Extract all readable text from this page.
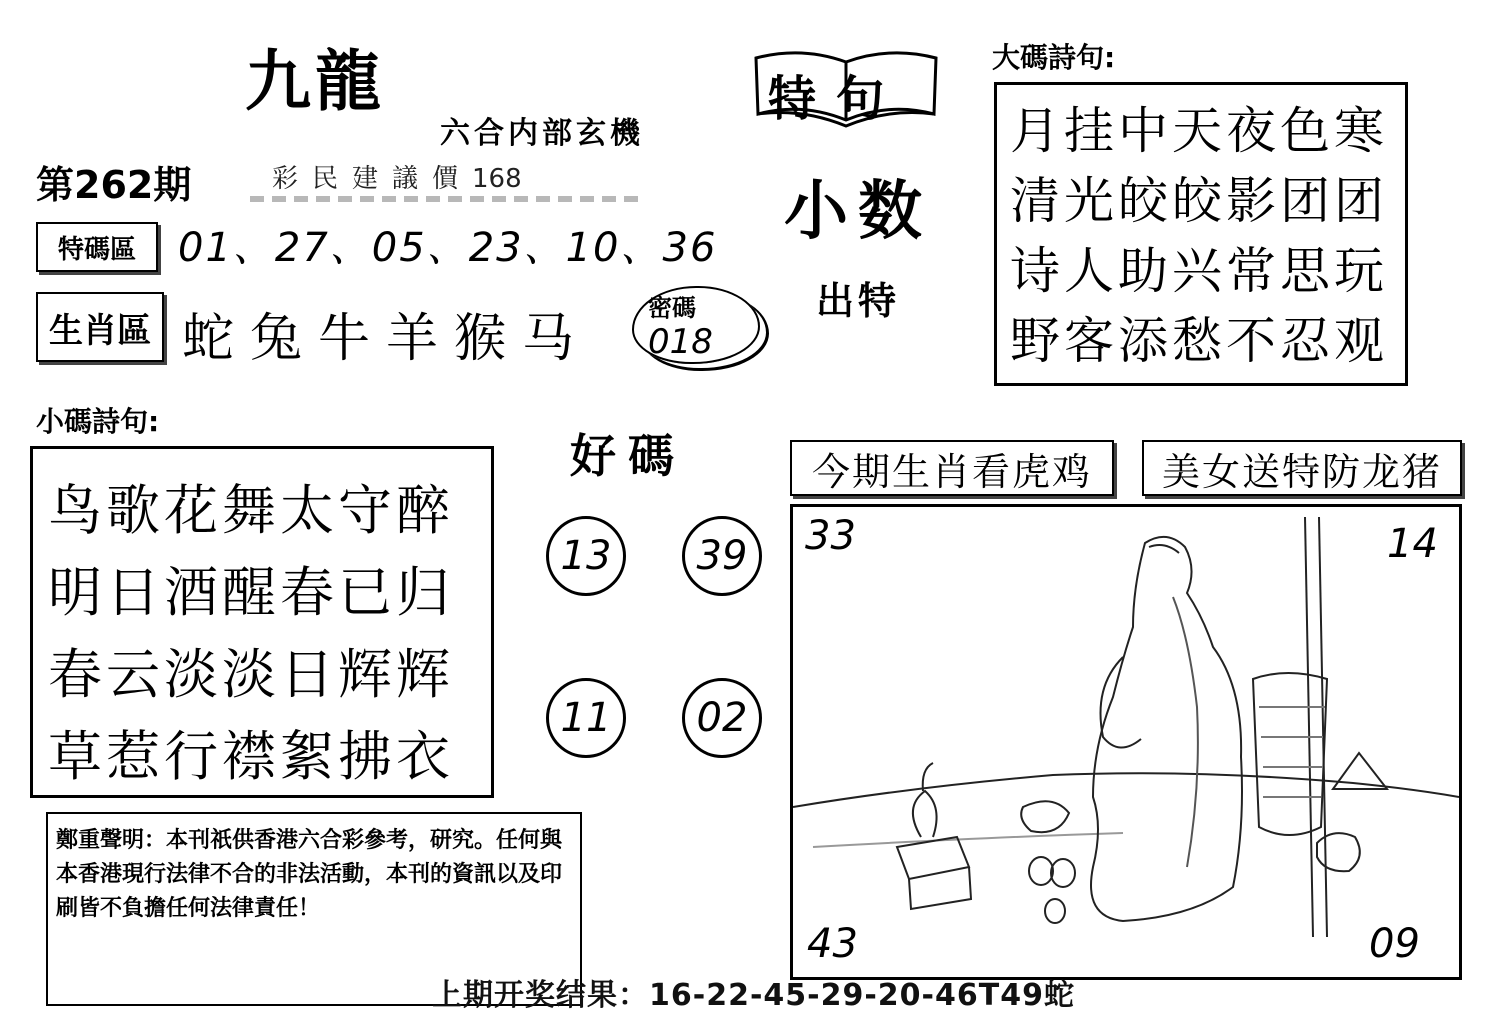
九龍
六合内部玄機
第262期	彩民建議價168
特碼區	01、27、05、23、10、36
生肖區 蛇兔牛羊猴马
密碼
018
特句
小数
出特
大碼詩句:
月挂中天夜色寒
清光皎皎影团团
诗人助兴常思玩
野客添愁不忍观
小碼詩句:
鸟歌花舞太守醉
明日酒醒春已归
春云淡淡日辉辉
草惹行襟絮拂衣
好碼
13	39
11	02
今期生肖看虎鸡	美女送特防龙猪
33	14
43	09
鄭重聲明：本刊祇供香港六合彩參考，研究。任何與本香港現行法律不合的非法活動，本刊的資訊以及印刷皆不負擔任何法律責任！
上期开奖结果：16-22-45-29-20-46T49蛇
